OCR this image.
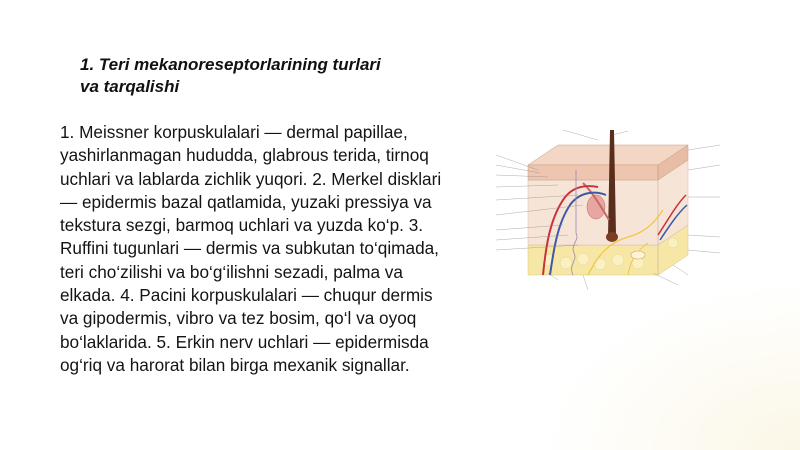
1. Teri mekanoreseptorlarining turlari
va tarqalishi
1. Meissner korpuskulalari — dermal papillae, yashirlanmagan hududda, glabrous terida, tirnoq uchlari va lablarda zichlik yuqori. 2. Merkel disklari — epidermis bazal qatlamida, yuzaki pressiya va tekstura sezgi, barmoq uchlari va yuzda ko‘p. 3. Ruffini tugunlari — dermis va subkutan to‘qimada, teri cho‘zilishi va bo‘g‘ilishni sezadi, palma va elkada. 4. Pacini korpuskulalari — chuqur dermis va gipodermis, vibro va tez bosim, qo‘l va oyoq bo‘laklarida. 5. Erkin nerv uchlari — epidermisda og‘riq va harorat bilan birga mexanik signallar.
